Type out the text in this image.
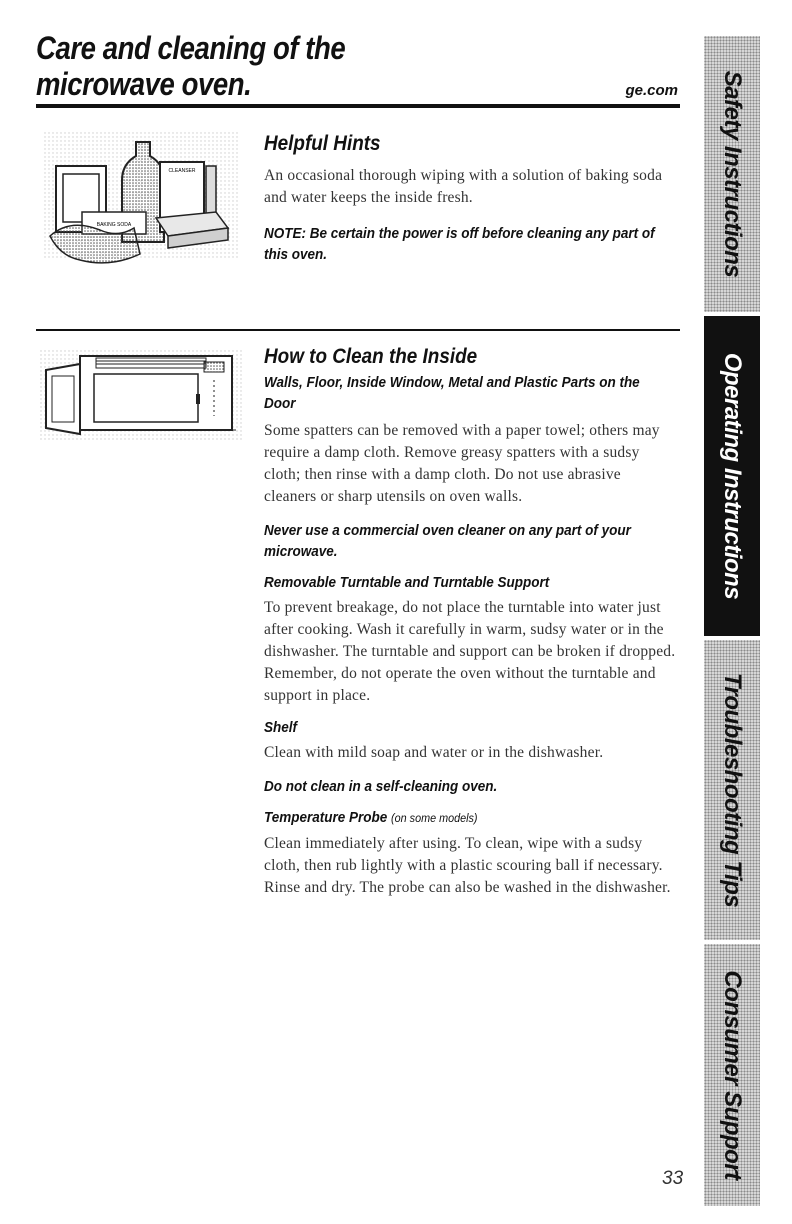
Care and cleaning of the
microwave oven.	ge.com
CLEANSER
BAKING SODA
Helpful Hints

An occasional thorough wiping with a solution of baking soda and water keeps the inside fresh.

NOTE: Be certain the power is off before cleaning any part of this oven.

How to Clean the Inside
Walls, Floor, Inside Window, Metal and Plastic Parts on the Door

Some spatters can be removed with a paper towel; others may require a damp cloth. Remove greasy spatters with a sudsy cloth; then rinse with a damp cloth. Do not use abrasive cleaners or sharp utensils on oven walls.

Never use a commercial oven cleaner on any part of your microwave.

Removable Turntable and Turntable Support

To prevent breakage, do not place the turntable into water just after cooking. Wash it carefully in warm, sudsy water or in the dishwasher. The turntable and support can be broken if dropped. Remember, do not operate the oven without the turntable and support in place.

Shelf

Clean with mild soap and water or in the dishwasher.

Do not clean in a self-cleaning oven.

Temperature Probe (on some models)

Clean immediately after using. To clean, wipe with a sudsy cloth, then rub lightly with a plastic scouring ball if necessary. Rinse and dry. The probe can also be washed in the dishwasher.

Safety Instructions
Operating Instructions
Troubleshooting Tips
Consumer Support
33
